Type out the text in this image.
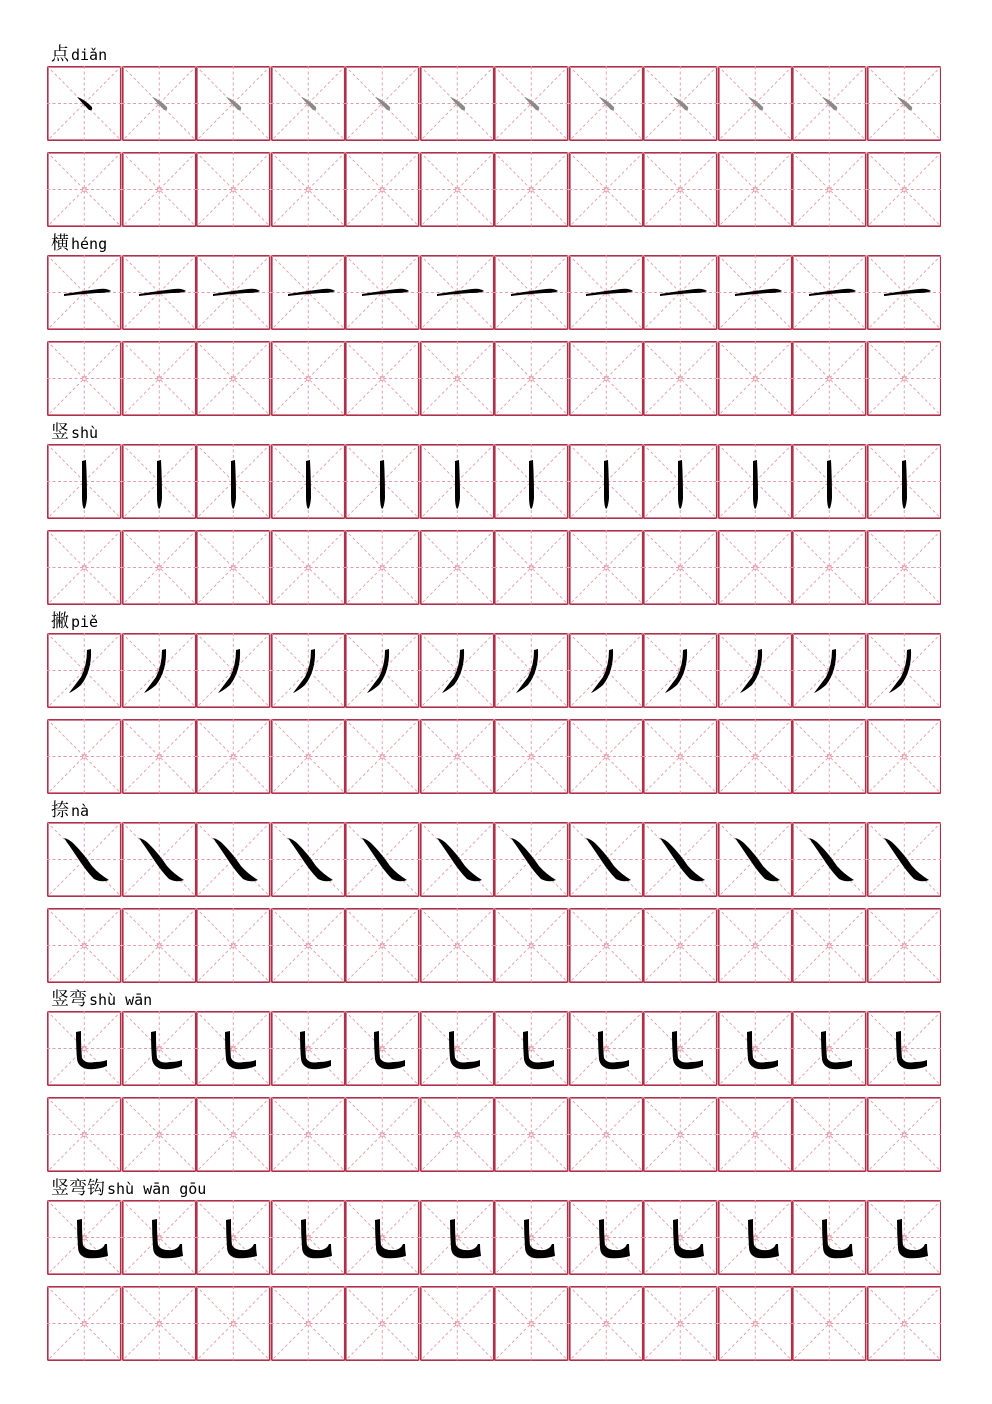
点 diǎn
横 héng
竖 shù
撇 piě
捺 nà
竖弯 shù wān
竖弯钩 shù wān gōu
